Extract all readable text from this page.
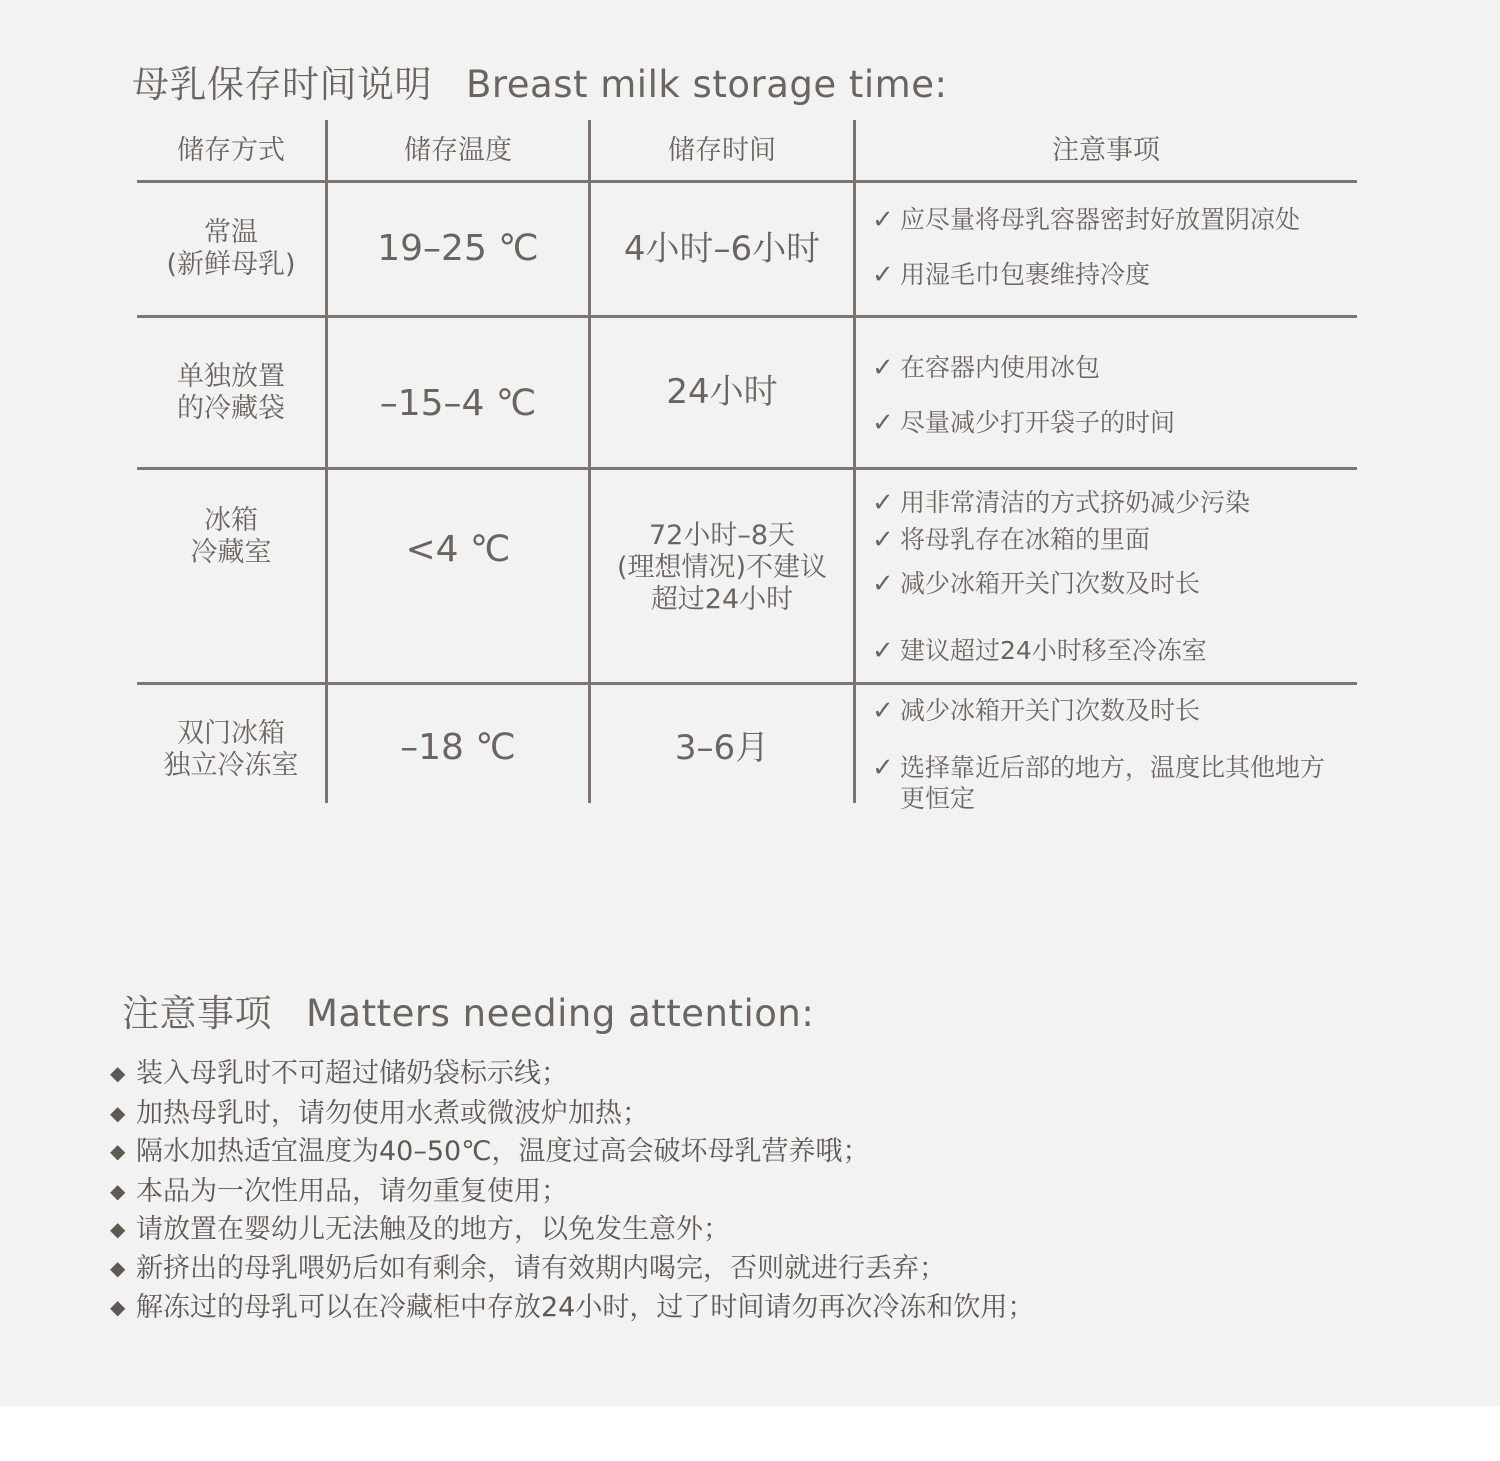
母乳保存时间说明 Breast milk storage time:
储存方式	储存温度	储存时间	注意事项
常温
(新鲜母乳)	19–25 ℃	4小时–6小时
✓ 应尽量将母乳容器密封好放置阴凉处
✓ 用湿毛巾包裹维持冷度
单独放置
的冷藏袋	–15–4 ℃	24小时
✓ 在容器内使用冰包
✓ 尽量减少打开袋子的时间
冰箱
冷藏室	<4 ℃	72小时–8天
(理想情况)不建议
超过24小时
✓ 用非常清洁的方式挤奶减少污染
✓ 将母乳存在冰箱的里面
✓ 减少冰箱开关门次数及时长
✓ 建议超过24小时移至冷冻室
双门冰箱
独立冷冻室	–18 ℃	3–6月
✓ 减少冰箱开关门次数及时长
✓ 选择靠近后部的地方，温度比其他地方
更恒定
注意事项 Matters needing attention:
◆ 装入母乳时不可超过储奶袋标示线；
◆ 加热母乳时，请勿使用水煮或微波炉加热；
◆ 隔水加热适宜温度为40–50℃，温度过高会破坏母乳营养哦；
◆ 本品为一次性用品，请勿重复使用；
◆ 请放置在婴幼儿无法触及的地方，以免发生意外；
◆ 新挤出的母乳喂奶后如有剩余，请有效期内喝完，否则就进行丢弃；
◆ 解冻过的母乳可以在冷藏柜中存放24小时，过了时间请勿再次冷冻和饮用；
